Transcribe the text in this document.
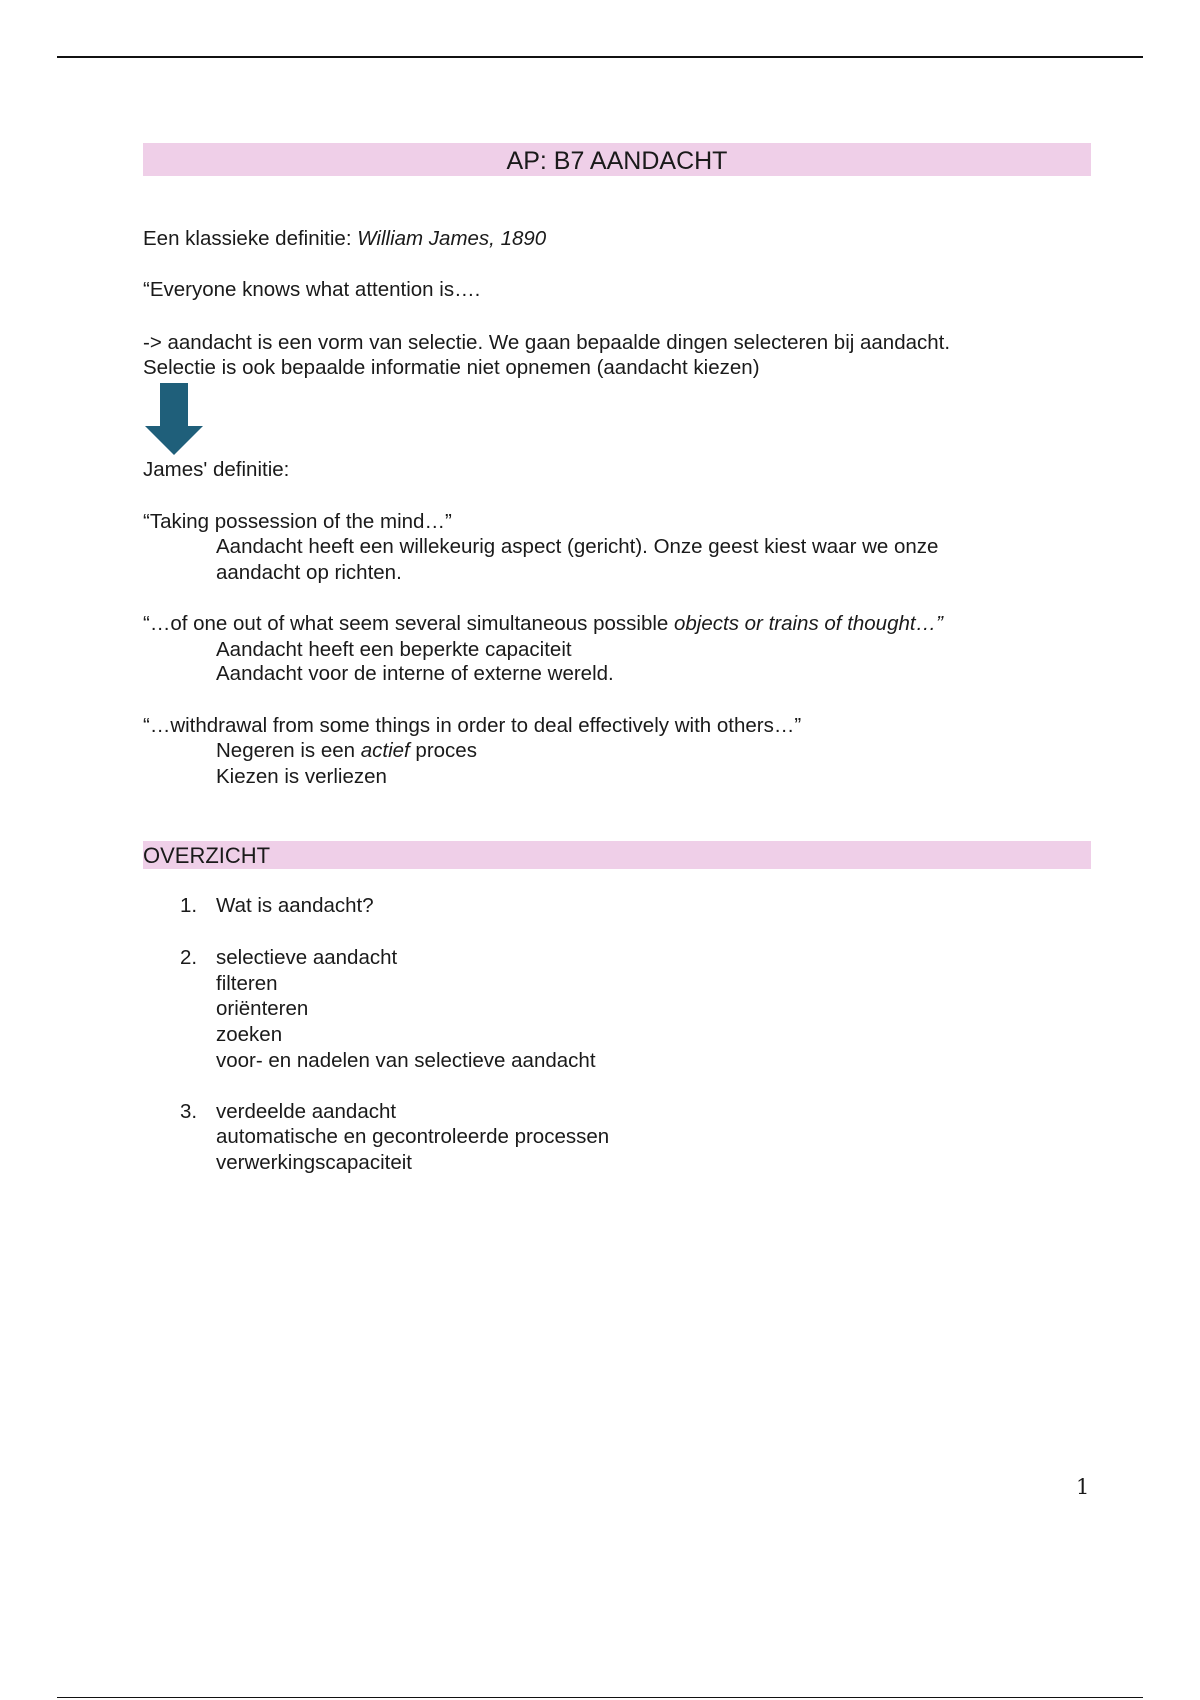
AP: B7 AANDACHT
Een klassieke definitie: William James, 1890
“Everyone knows what attention is….
-> aandacht is een vorm van selectie. We gaan bepaalde dingen selecteren bij aandacht.
Selectie is ook bepaalde informatie niet opnemen (aandacht kiezen)
James' definitie:
“Taking possession of the mind…”
Aandacht heeft een willekeurig aspect (gericht). Onze geest kiest waar we onze
aandacht op richten.
“…of one out of what seem several simultaneous possible objects or trains of thought…”
Aandacht heeft een beperkte capaciteit
Aandacht voor de interne of externe wereld.
“…withdrawal from some things in order to deal effectively with others…”
Negeren is een actief proces
Kiezen is verliezen
OVERZICHT
1. Wat is aandacht?
2. selectieve aandacht
filteren
oriënteren
zoeken
voor- en nadelen van selectieve aandacht
3. verdeelde aandacht
automatische en gecontroleerde processen
verwerkingscapaciteit
1
